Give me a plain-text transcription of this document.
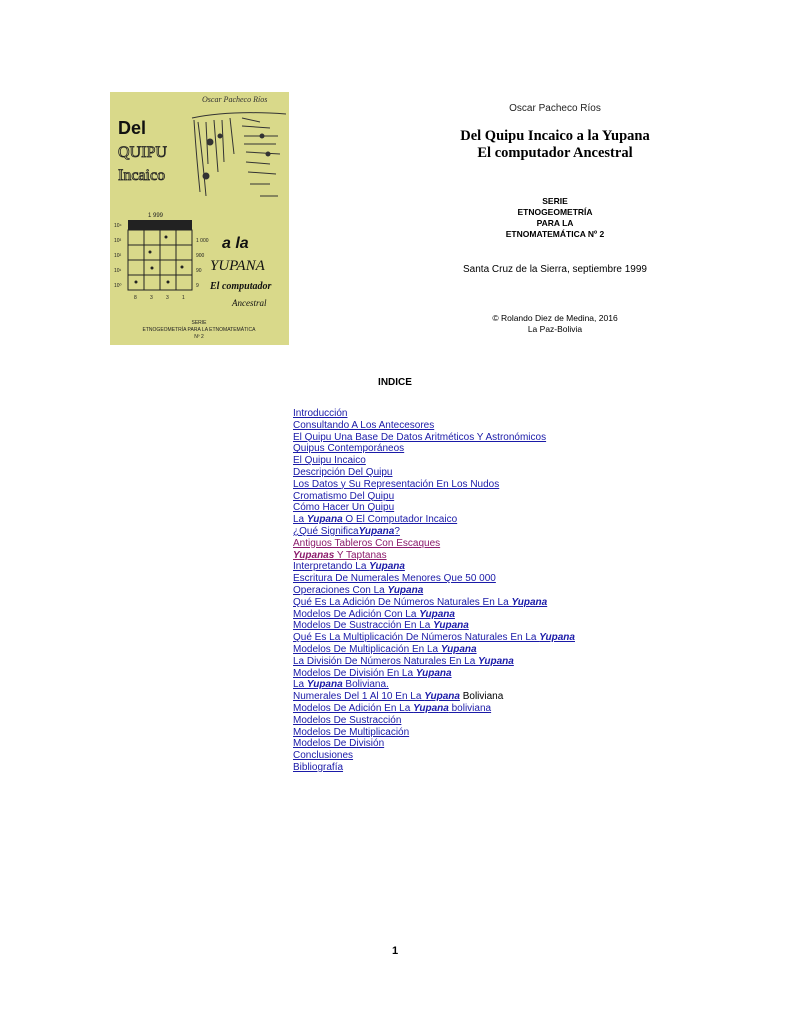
Oscar Pacheco Ríos
Del
QUIPU
Incaico
1 999
10⁴
10³
10²
10¹
10⁰
1 000
900
90
9
8	3	3	1
a la
YUPANA
El computador
Ancestral
SERIE
ETNOGEOMETRÍA PARA LA ETNOMATEMÁTICA
Nº 2
Oscar Pacheco Ríos
Del Quipu Incaico a la Yupana
El computador Ancestral
SERIE
ETNOGEOMETRÍA
PARA LA
ETNOMATEMÁTICA Nº 2
Santa Cruz de la Sierra, septiembre 1999
© Rolando Diez de Medina, 2016
La Paz-Bolivia
INDICE
Introducción
Consultando A Los Antecesores
El Quipu Una Base De Datos Aritméticos Y Astronómicos
Quipus Contemporáneos
El Quipu Incaico
Descripción Del Quipu
Los Datos y Su Representación En Los Nudos
Cromatismo Del Quipu
Cómo Hacer Un Quipu
La Yupana O El Computador Incaico
¿Qué SignificaYupana?
Antiguos Tableros Con Escaques
Yupanas Y Taptanas
Interpretando La Yupana
Escritura De Numerales Menores Que 50 000
Operaciones Con La Yupana
Qué Es La Adición De Números Naturales En La Yupana
Modelos De Adición Con La Yupana
Modelos De Sustracción En La Yupana
Qué Es La Multiplicación De Números Naturales En La Yupana
Modelos De Multiplicación En La Yupana
La División De Números Naturales En La Yupana
Modelos De División En La Yupana
La Yupana Boliviana.
Numerales Del 1 Al 10 En La Yupana Boliviana
Modelos De Adición En La Yupana boliviana
Modelos De Sustracción
Modelos De Multiplicación
Modelos De División
Conclusiones
Bibliografía
1
